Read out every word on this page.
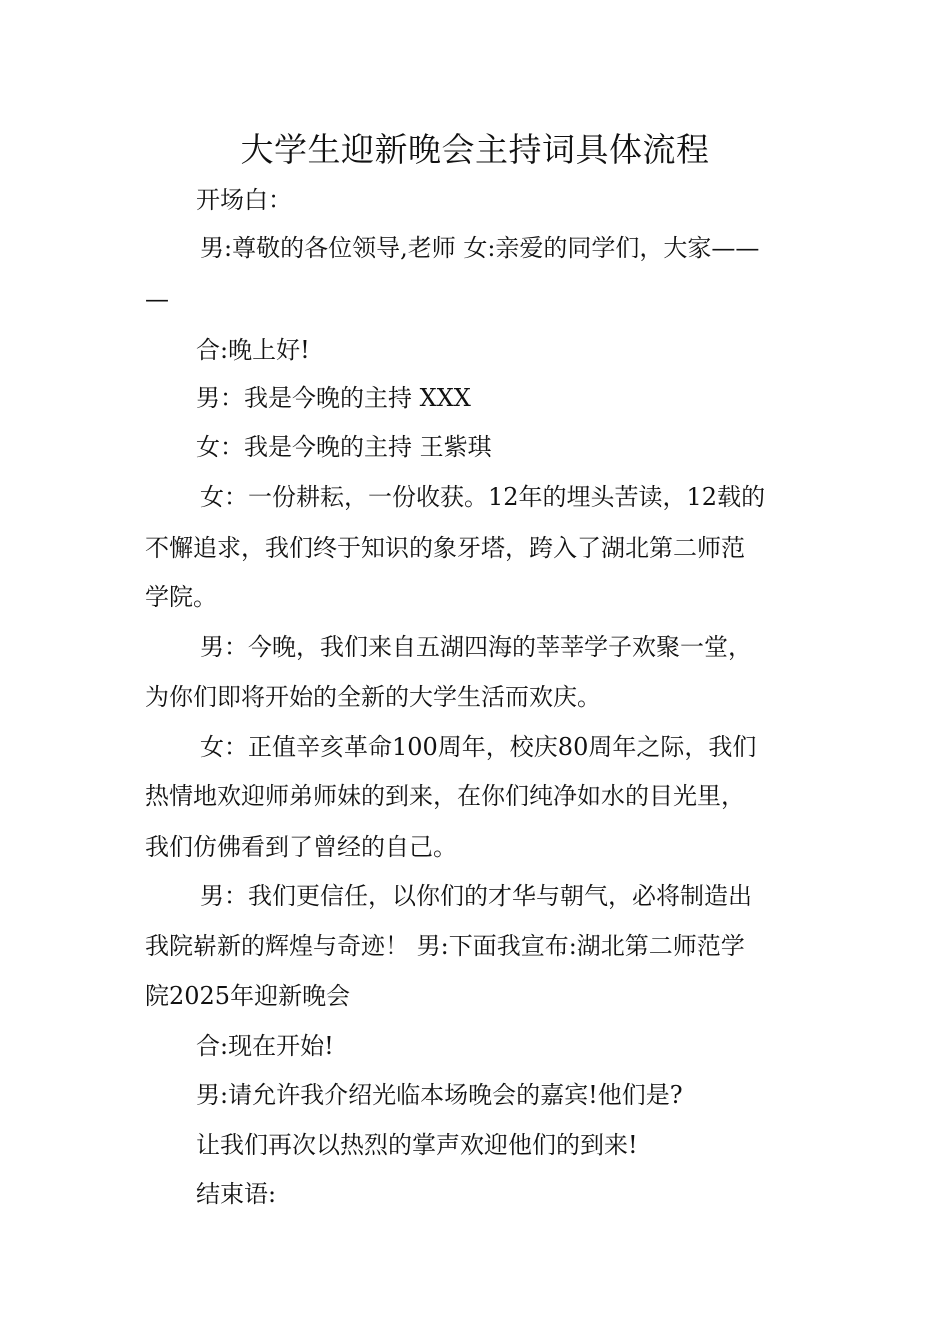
大学生迎新晚会主持词具体流程

开场白：

男:尊敬的各位领导,老师 女:亲爱的同学们，大家——

—

合:晚上好!

男：我是今晚的主持 XXX

女：我是今晚的主持 王紫琪

女：一份耕耘，一份收获。12年的埋头苦读，12载的

不懈追求，我们终于知识的象牙塔，跨入了湖北第二师范

学院。

男：今晚，我们来自五湖四海的莘莘学子欢聚一堂，

为你们即将开始的全新的大学生活而欢庆。

女：正值辛亥革命100周年，校庆80周年之际，我们

热情地欢迎师弟师妹的到来，在你们纯净如水的目光里，

我们仿佛看到了曾经的自己。

男：我们更信任，以你们的才华与朝气，必将制造出

我院崭新的辉煌与奇迹！ 男:下面我宣布:湖北第二师范学

院2025年迎新晚会

合:现在开始!

男:请允许我介绍光临本场晚会的嘉宾!他们是?

让我们再次以热烈的掌声欢迎他们的到来!

结束语:
